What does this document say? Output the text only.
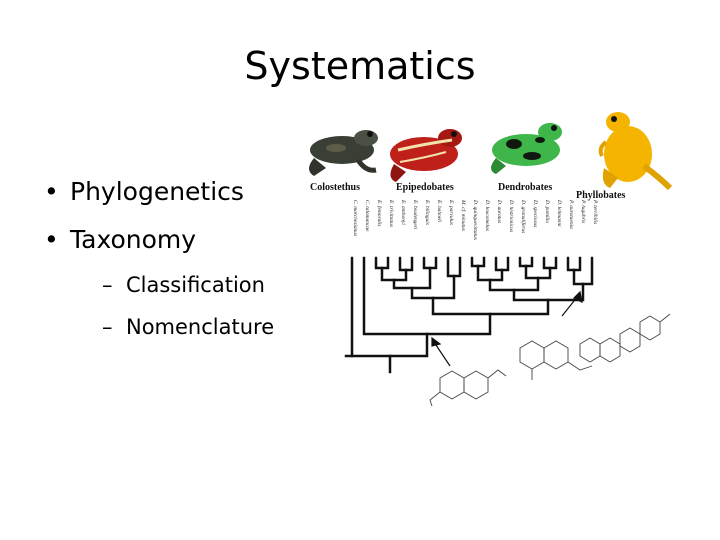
Systematics
• Phylogenetics
• Taxonomy
– Classification
– Nomenclature
Colostethus	Epipedobates	Dendrobates
Phyllobates
C. marchesianus C. talamancae E. femoralis E. trivittatus E. anthonyi E. boulengeri E. bilinguis E. hahneli E. parvulus M. cf. minutus D. quinquevittatus D. leucomelas D. auratus D. histrionicus D. granuliferus D. speciosus D. pumilio D. lehmanni P. aurotaenia P. lugubris P. terribilis
